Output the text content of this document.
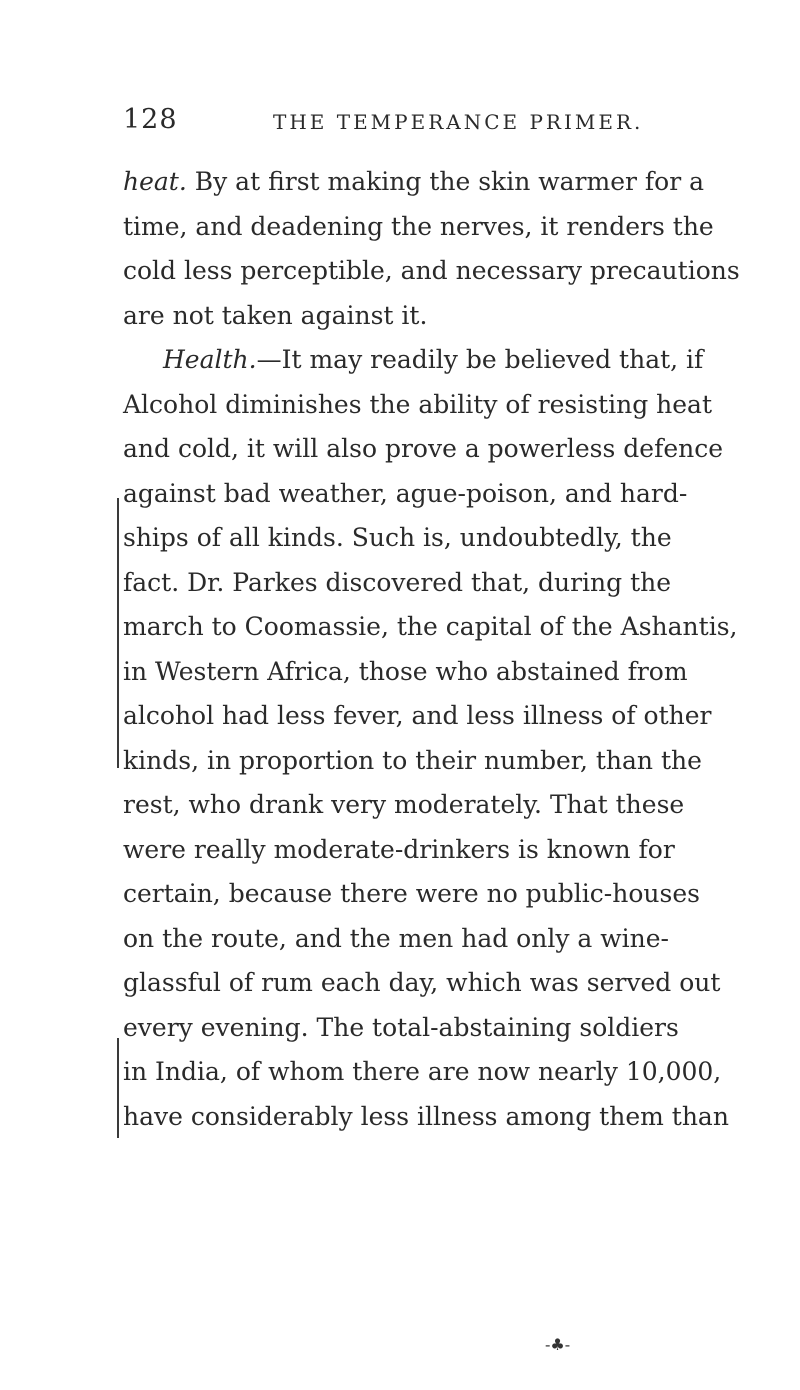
128	THE TEMPERANCE PRIMER.
heat. By at first making the skin warmer for a
time, and deadening the nerves, it renders the
cold less perceptible, and necessary precautions
are not taken against it.
Health.—It may readily be believed that, if
Alcohol diminishes the ability of resisting heat
and cold, it will also prove a powerless defence
against bad weather, ague-poison, and hard-
ships of all kinds. Such is, undoubtedly, the
fact. Dr. Parkes discovered that, during the
march to Coomassie, the capital of the Ashantis,
in Western Africa, those who abstained from
alcohol had less fever, and less illness of other
kinds, in proportion to their number, than the
rest, who drank very moderately. That these
were really moderate-drinkers is known for
certain, because there were no public-houses
on the route, and the men had only a wine-
glassful of rum each day, which was served out
every evening. The total-abstaining soldiers
in India, of whom there are now nearly 10,000,
have considerably less illness among them than
-♣-
